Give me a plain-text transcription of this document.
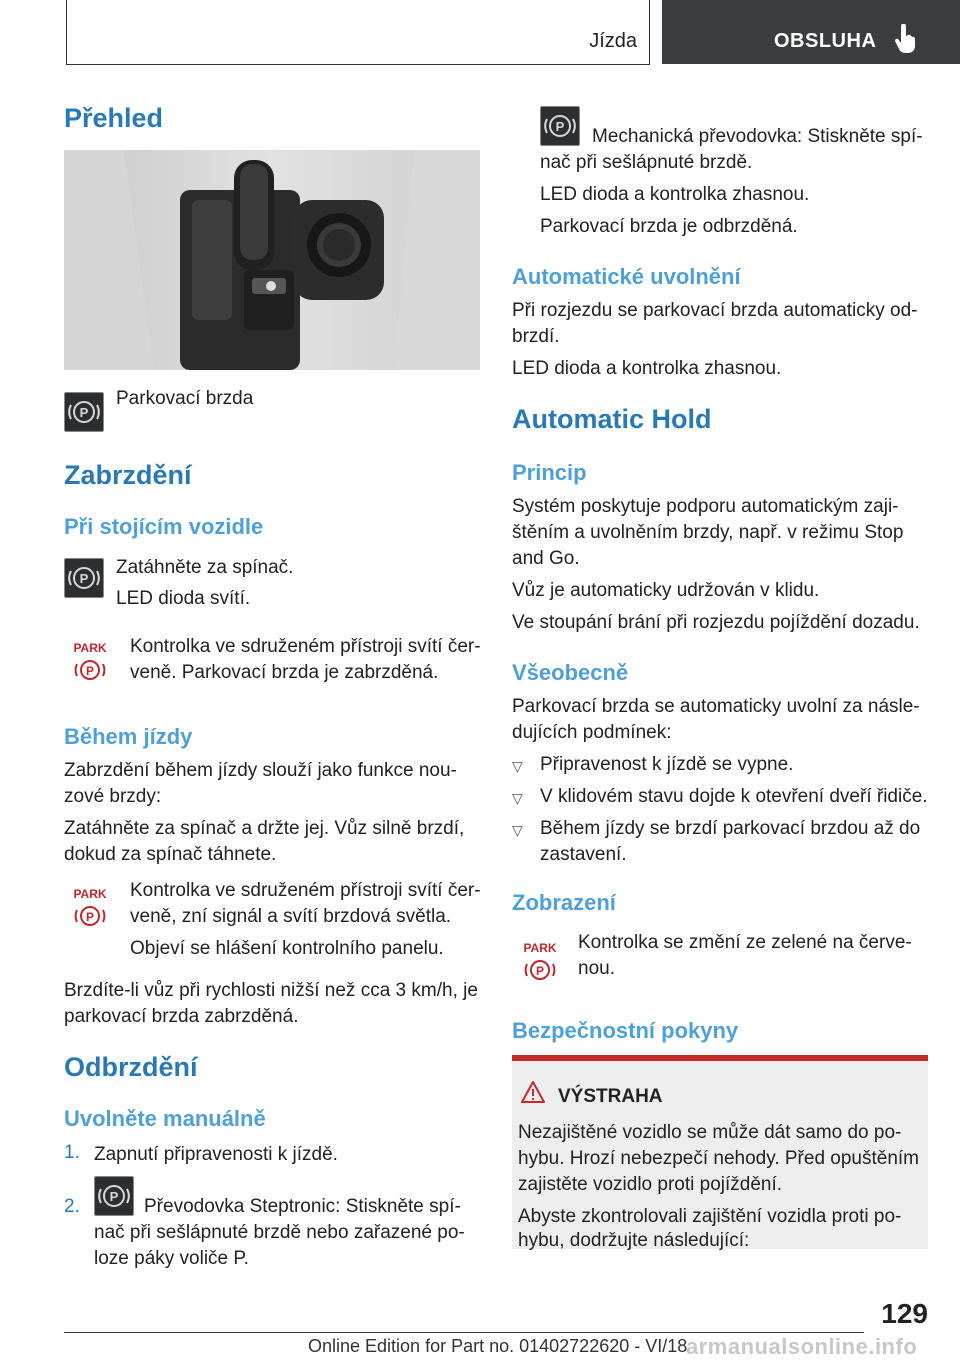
Jízda	OBSLUHA
Přehled
P
Parkovací brzda
Zabrzdění
Při stojícím vozidle
P
Zatáhněte za spínač.
LED dioda svítí.
PARK
P
Kontrolka ve sdruženém přístroji svítí čer‐
veně. Parkovací brzda je zabrzděná.
Během jízdy
Zabrzdění během jízdy slouží jako funkce nou‐
zové brzdy:
Zatáhněte za spínač a držte jej. Vůz silně brzdí,
dokud za spínač táhnete.
PARK
P
Kontrolka ve sdruženém přístroji svítí čer‐
veně, zní signál a svítí brzdová světla.
Objeví se hlášení kontrolního panelu.
Brzdíte-li vůz při rychlosti nižší než cca 3 km/h, je
parkovací brzda zabrzděná.
Odbrzdění
Uvolněte manuálně
1. Zapnutí připravenosti k jízdě.
2. P Převodovka Steptronic: Stiskněte spí‐
nač při sešlápnuté brzdě nebo zařazené po‐
loze páky voliče P.
P Mechanická převodovka: Stiskněte spí‐
nač při sešlápnuté brzdě.
LED dioda a kontrolka zhasnou.
Parkovací brzda je odbrzděná.
Automatické uvolnění
Při rozjezdu se parkovací brzda automaticky od‐
brzdí.
LED dioda a kontrolka zhasnou.
Automatic Hold
Princip
Systém poskytuje podporu automatickým zaji‐
štěním a uvolněním brzdy, např. v režimu Stop
and Go.
Vůz je automaticky udržován v klidu.
Ve stoupání brání při rozjezdu pojíždění dozadu.
Všeobecně
Parkovací brzda se automaticky uvolní za násle‐
dujících podmínek:
▽ Připravenost k jízdě se vypne.
▽ V klidovém stavu dojde k otevření dveří řidiče.
▽ Během jízdy se brzdí parkovací brzdou až do
zastavení.
Zobrazení
PARK
P
Kontrolka se změní ze zelené na červe‐
nou.
Bezpečnostní pokyny
VÝSTRAHA
Nezajištěné vozidlo se může dát samo do po‐
hybu. Hrozí nebezpečí nehody. Před opuštěním
zajistěte vozidlo proti pojíždění.
Abyste zkontrolovali zajištění vozidla proti po‐
hybu, dodržujte následující:
129
Online Edition for Part no. 01402722620 - VI/18
armanualsonline.info
